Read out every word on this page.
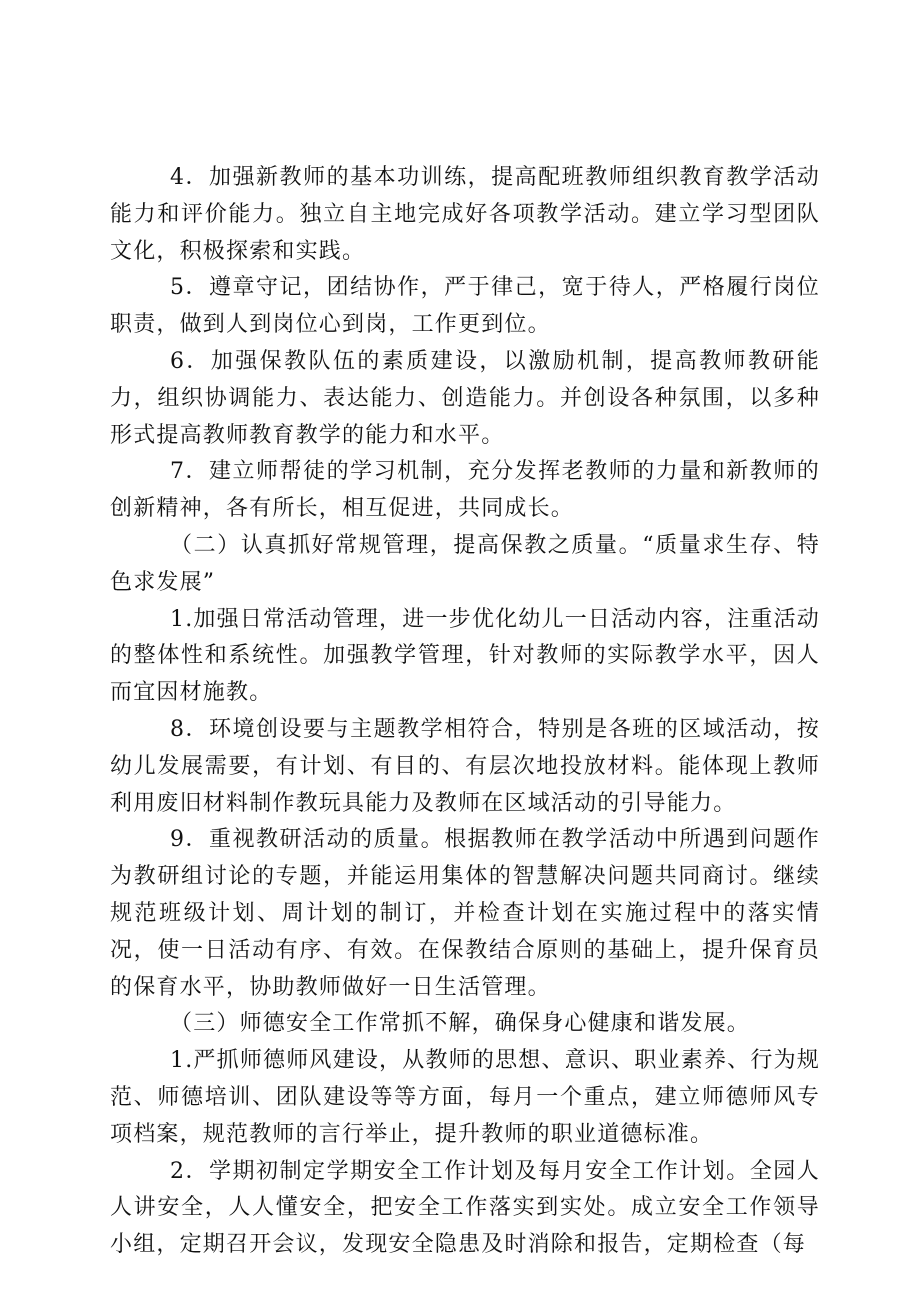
4．加强新教师的基本功训练，提高配班教师组织教育教学活动能力和评价能力。独立自主地完成好各项教学活动。建立学习型团队文化，积极探索和实践。

5．遵章守记，团结协作，严于律己，宽于待人，严格履行岗位职责，做到人到岗位心到岗，工作更到位。

6．加强保教队伍的素质建设，以激励机制，提高教师教研能力，组织协调能力、表达能力、创造能力。并创设各种氛围，以多种形式提高教师教育教学的能力和水平。

7．建立师帮徒的学习机制，充分发挥老教师的力量和新教师的创新精神，各有所长，相互促进，共同成长。

（二）认真抓好常规管理，提高保教之质量。“质量求生存、特色求发展”

1.加强日常活动管理，进一步优化幼儿一日活动内容，注重活动的整体性和系统性。加强教学管理，针对教师的实际教学水平，因人而宜因材施教。

8．环境创设要与主题教学相符合，特别是各班的区域活动，按幼儿发展需要，有计划、有目的、有层次地投放材料。能体现上教师利用废旧材料制作教玩具能力及教师在区域活动的引导能力。

9．重视教研活动的质量。根据教师在教学活动中所遇到问题作为教研组讨论的专题，并能运用集体的智慧解决问题共同商讨。继续规范班级计划、周计划的制订，并检查计划在实施过程中的落实情况，使一日活动有序、有效。在保教结合原则的基础上，提升保育员的保育水平，协助教师做好一日生活管理。

（三）师德安全工作常抓不解，确保身心健康和谐发展。

1.严抓师德师风建设，从教师的思想、意识、职业素养、行为规范、师德培训、团队建设等等方面，每月一个重点，建立师德师风专项档案，规范教师的言行举止，提升教师的职业道德标准。

2．学期初制定学期安全工作计划及每月安全工作计划。全园人人讲安全，人人懂安全，把安全工作落实到实处。成立安全工作领导小组，定期召开会议，发现安全隐患及时消除和报告，定期检查（每
